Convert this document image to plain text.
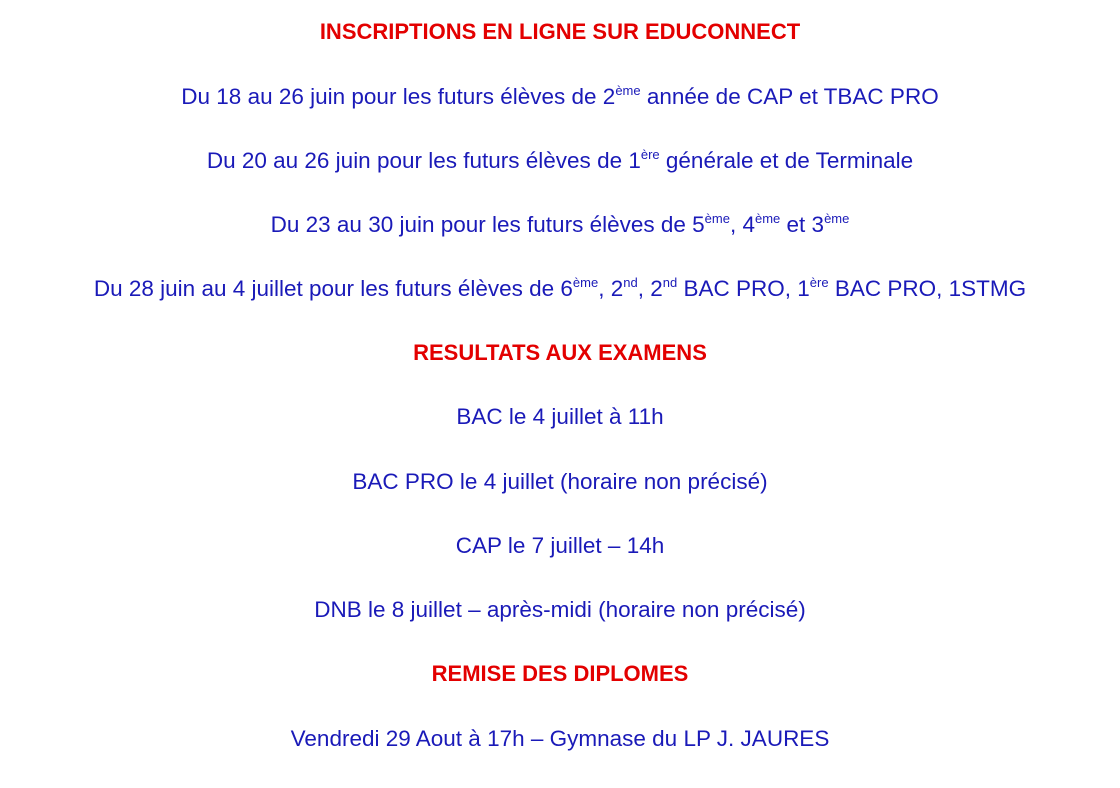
INSCRIPTIONS EN LIGNE SUR EDUCONNECT
Du 18 au 26 juin pour les futurs élèves de 2ème année de CAP et TBAC PRO
Du 20 au 26 juin pour les futurs élèves de 1ère générale et de Terminale
Du 23 au 30 juin pour les futurs élèves de 5ème, 4ème et 3ème
Du 28 juin au 4 juillet pour les futurs élèves de 6ème, 2nd, 2nd BAC PRO, 1ère BAC PRO, 1STMG
RESULTATS AUX EXAMENS
BAC le 4 juillet à 11h
BAC PRO le 4 juillet (horaire non précisé)
CAP le 7 juillet – 14h
DNB le 8 juillet – après-midi (horaire non précisé)
REMISE DES DIPLOMES
Vendredi 29 Aout à 17h – Gymnase du LP J. JAURES
